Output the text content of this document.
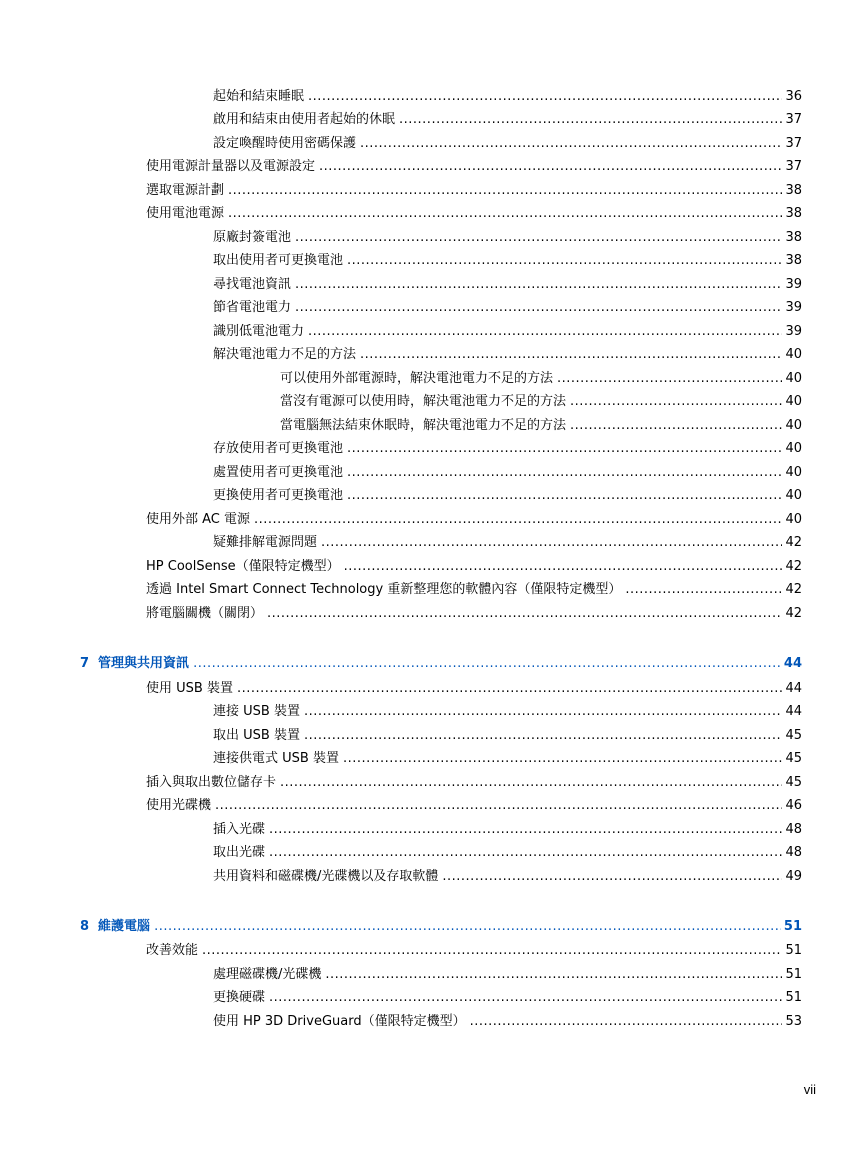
起始和結束睡眠 .....	36
啟用和結束由使用者起始的休眠 .....	37
設定喚醒時使用密碼保護 .....	37
使用電源計量器以及電源設定 .....	37
選取電源計劃 .....	38
使用電池電源 .....	38
原廠封簽電池 .....	38
取出使用者可更換電池 .....	38
尋找電池資訊 .....	39
節省電池電力 .....	39
識別低電池電力 .....	39
解決電池電力不足的方法 .....	40
可以使用外部電源時，解決電池電力不足的方法 .....	40
當沒有電源可以使用時，解決電池電力不足的方法 .....	40
當電腦無法結束休眠時，解決電池電力不足的方法 .....	40
存放使用者可更換電池 .....	40
處置使用者可更換電池 .....	40
更換使用者可更換電池 .....	40
使用外部 AC 電源 .....	40
疑難排解電源問題 .....	42
HP CoolSense（僅限特定機型） .....	42
透過 Intel Smart Connect Technology 重新整理您的軟體內容（僅限特定機型） .....	42
將電腦關機（關閉） .....	42
7 管理與共用資訊 .....	44
使用 USB 裝置 .....	44
連接 USB 裝置 .....	44
取出 USB 裝置 .....	45
連接供電式 USB 裝置 .....	45
插入與取出數位儲存卡 .....	45
使用光碟機 .....	46
插入光碟 .....	48
取出光碟 .....	48
共用資料和磁碟機/光碟機以及存取軟體 .....	49
8 維護電腦 .....	51
改善效能 .....	51
處理磁碟機/光碟機 .....	51
更換硬碟 .....	51
使用 HP 3D DriveGuard（僅限特定機型） .....	53
vii
